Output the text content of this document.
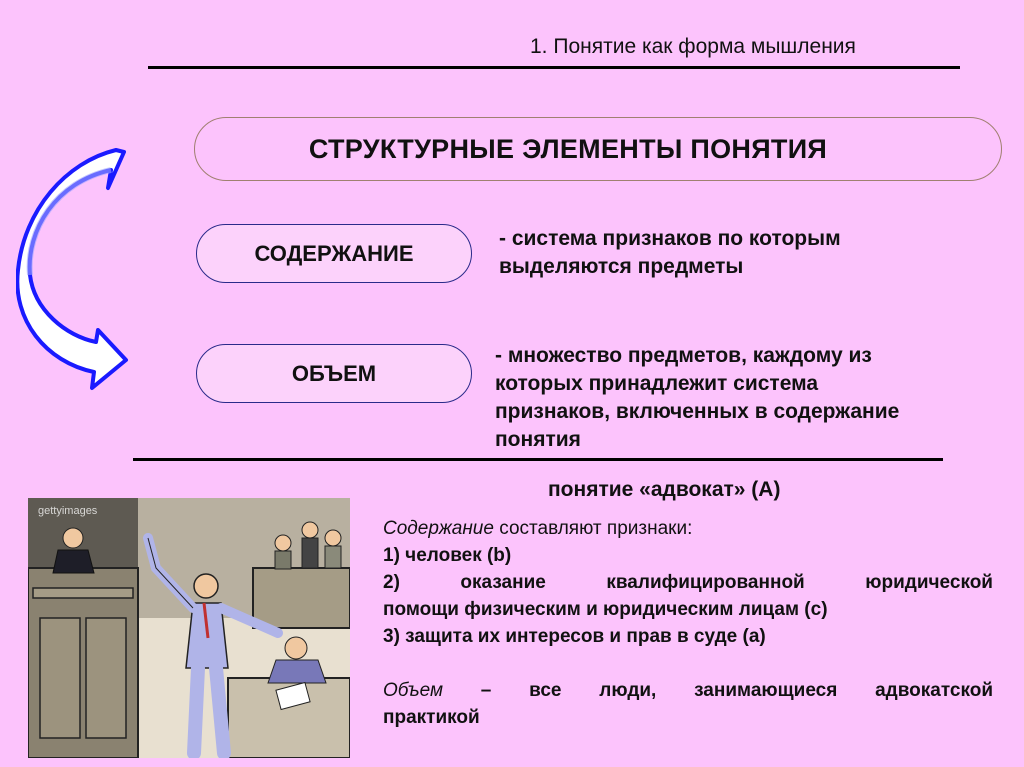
1. Понятие как форма мышления
СТРУКТУРНЫЕ ЭЛЕМЕНТЫ ПОНЯТИЯ
СОДЕРЖАНИЕ
- система признаков по которым
выделяются предметы
ОБЪЕМ
- множество предметов, каждому из
которых принадлежит система
признаков, включенных в содержание
понятия
понятие «адвокат» (А)
Содержание составляют признаки:
1) человек (b)
2) оказание квалифицированной юридической
помощи физическим и юридическим лицам (с)
3) защита их интересов и прав в суде (а)
Объем – все люди, занимающиеся адвокатской
практикой
gettyimages
